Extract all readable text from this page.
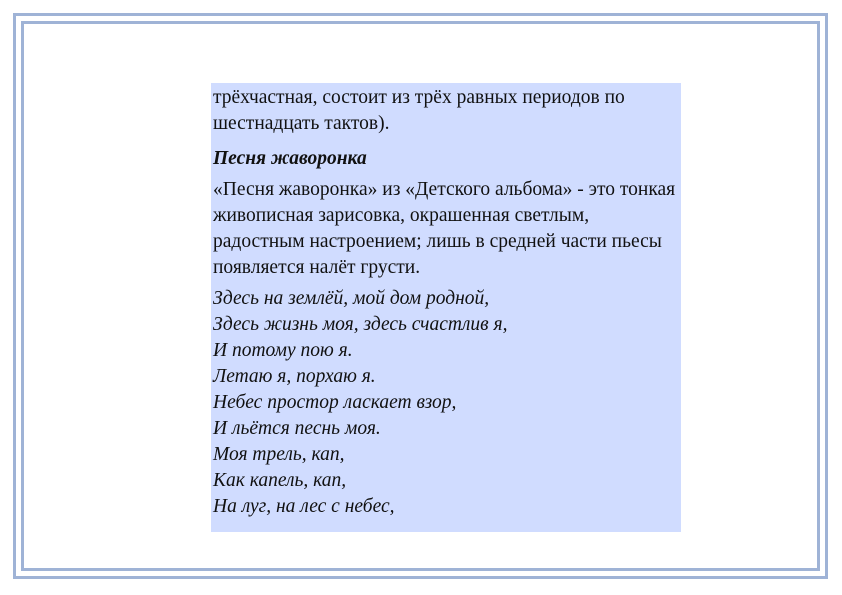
трёхчастная, состоит из трёх равных периодов по шестнадцать тактов).

Песня жаворонка

«Песня жаворонка» из «Детского альбома» - это тонкая живописная зарисовка, окрашенная светлым, радостным настроением; лишь в средней части пьесы появляется налёт грусти.

Здесь на землёй, мой дом родной,

Здесь жизнь моя, здесь счастлив я,

И потому пою я.

Летаю я, порхаю я.

Небес простор ласкает взор,

И льётся песнь моя.

Моя трель, кап,

Как капель, кап,

На луг, на лес с небес,
